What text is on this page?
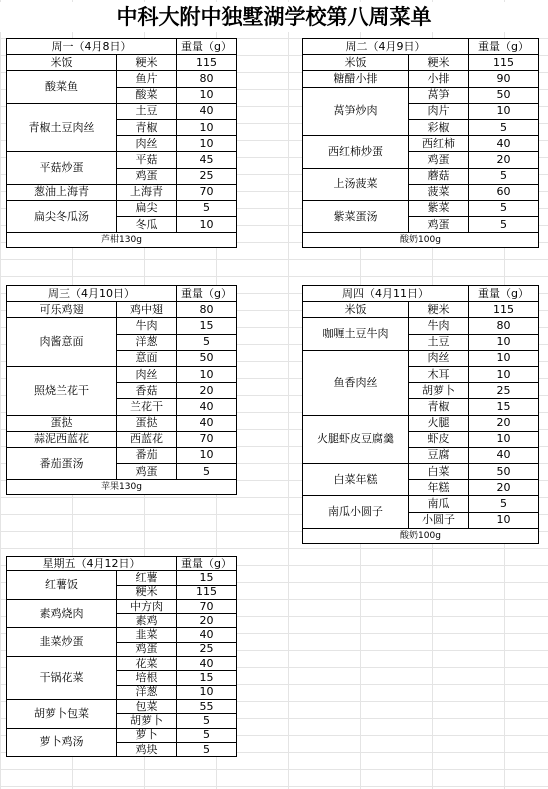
中科大附中独墅湖学校第八周菜单
周一（4月8日）		重量（g）
米饭	粳米	115
酸菜鱼	鱼片	80
	酸菜	10
青椒土豆肉丝	土豆	40
	青椒	10
	肉丝	10
平菇炒蛋	平菇	45
	鸡蛋	25
葱油上海青	上海青	70
扁尖冬瓜汤	扁尖	5
	冬瓜	10
芦柑130g		
周二（4月9日）		重量（g）
米饭	粳米	115
糖醋小排	小排	90
莴笋炒肉	莴笋	50
	肉片	10
	彩椒	5
西红柿炒蛋	西红柿	40
	鸡蛋	20
上汤菠菜	蘑菇	5
	菠菜	60
紫菜蛋汤	紫菜	5
	鸡蛋	5
酸奶100g		
周三（4月10日）		重量（g）
可乐鸡翅	鸡中翅	80
肉酱意面	牛肉	15
	洋葱	5
	意面	50
照烧兰花干	肉丝	10
	香菇	20
	兰花干	40
蛋挞	蛋挞	40
蒜泥西蓝花	西蓝花	70
番茄蛋汤	番茄	10
	鸡蛋	5
苹果130g		
周四（4月11日）		重量（g）
米饭	粳米	115
咖喱土豆牛肉	牛肉	80
	土豆	10
鱼香肉丝	肉丝	10
	木耳	10
	胡萝卜	25
	青椒	15
火腿虾皮豆腐羹	火腿	20
	虾皮	10
	豆腐	40
白菜年糕	白菜	50
	年糕	20
南瓜小圆子	南瓜	5
	小圆子	10
酸奶100g		
星期五（4月12日）		重量（g）
红薯饭	红薯	15
	粳米	115
素鸡烧肉	中方肉	70
	素鸡	20
韭菜炒蛋	韭菜	40
	鸡蛋	25
干锅花菜	花菜	40
	培根	15
	洋葱	10
胡萝卜包菜	包菜	55
	胡萝卜	5
萝卜鸡汤	萝卜	5
	鸡块	5
